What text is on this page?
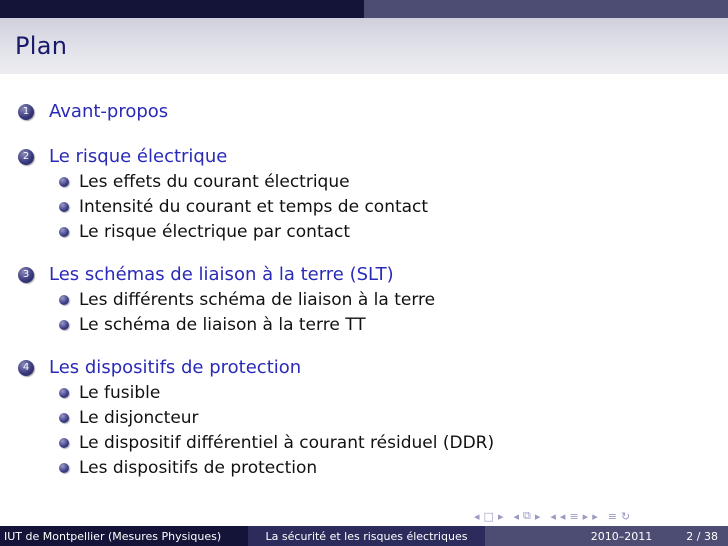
Plan
1 Avant-propos
2 Le risque électrique
Les effets du courant électrique
Intensité du courant et temps de contact
Le risque électrique par contact
3 Les schémas de liaison à la terre (SLT)
Les différents schéma de liaison à la terre
Le schéma de liaison à la terre TT
4 Les dispositifs de protection
Le fusible
Le disjoncteur
Le dispositif différentiel à courant résiduel (DDR)
Les dispositifs de protection
◂ □ ▸ ◂ ⧉ ▸ ◂ ◂ ≡ ▸ ▸ ≡ ↻
IUT de Montpellier (Mesures Physiques)	La sécurité et les risques électriques	2010–2011	2 / 38
